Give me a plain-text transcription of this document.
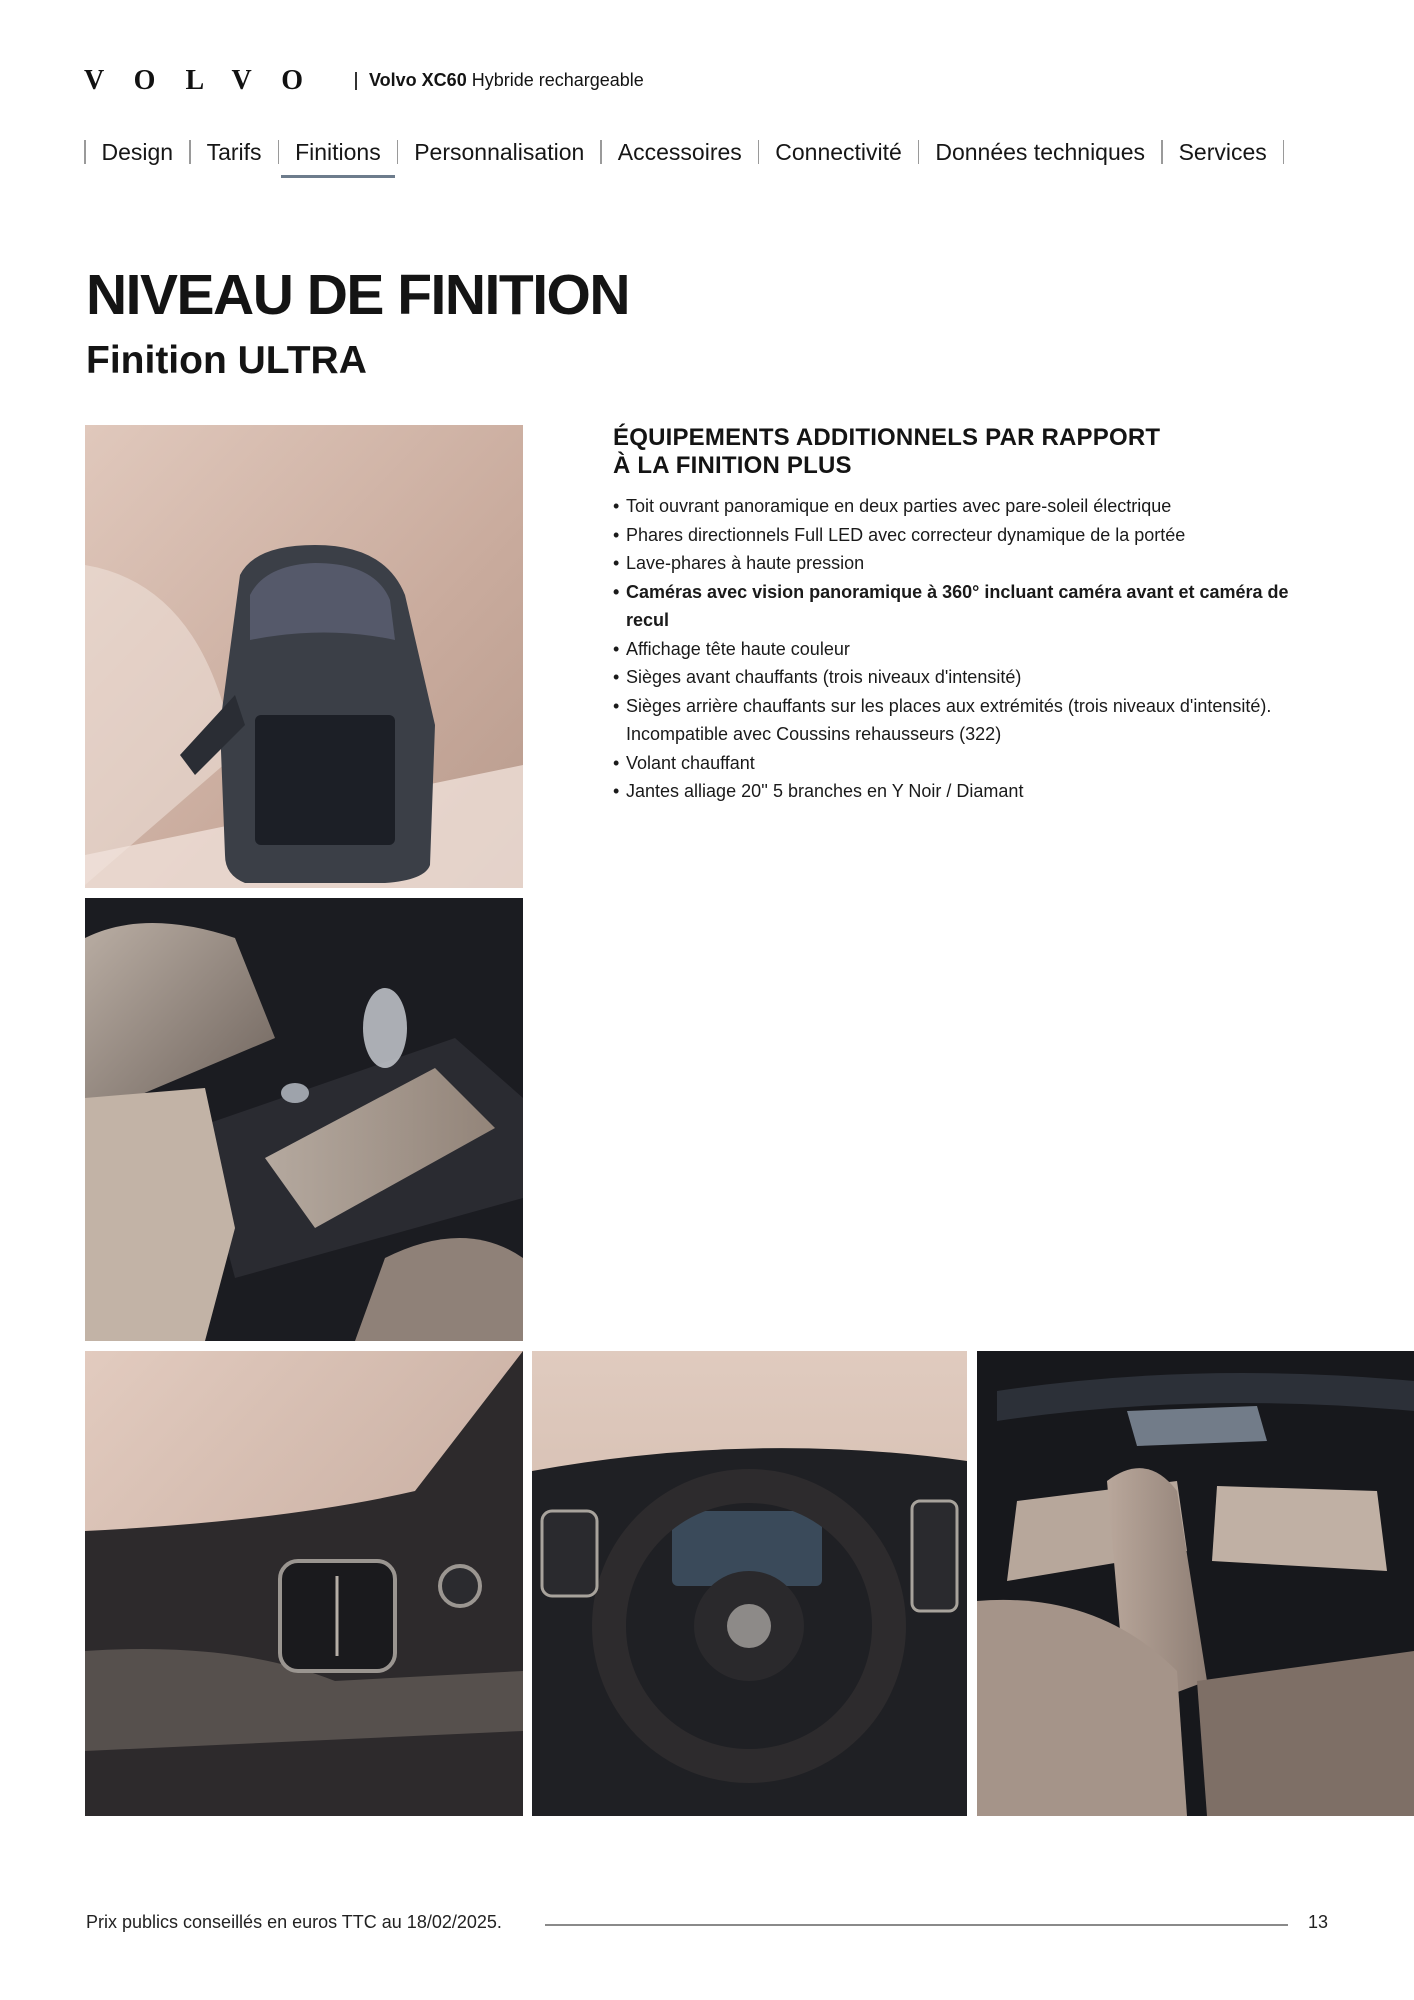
VOLVO Volvo XC60 Hybride rechargeable
Design	Tarifs	Finitions	Personnalisation	Accessoires	Connectivité	Données techniques	Services
NIVEAU DE FINITION
Finition ULTRA
ÉQUIPEMENTS ADDITIONNELS PAR RAPPORT
À LA FINITION PLUS
• Toit ouvrant panoramique en deux parties avec pare-soleil électrique
• Phares directionnels Full LED avec correcteur dynamique de la portée
• Lave-phares à haute pression
• Caméras avec vision panoramique à 360° incluant caméra avant et caméra de recul
• Affichage tête haute couleur
• Sièges avant chauffants (trois niveaux d'intensité)
• Sièges arrière chauffants sur les places aux extrémités (trois niveaux d'intensité). Incompatible avec Coussins rehausseurs (322)
• Volant chauffant
• Jantes alliage 20'' 5 branches en Y Noir / Diamant
Prix publics conseillés en euros TTC au 18/02/2025.	13
